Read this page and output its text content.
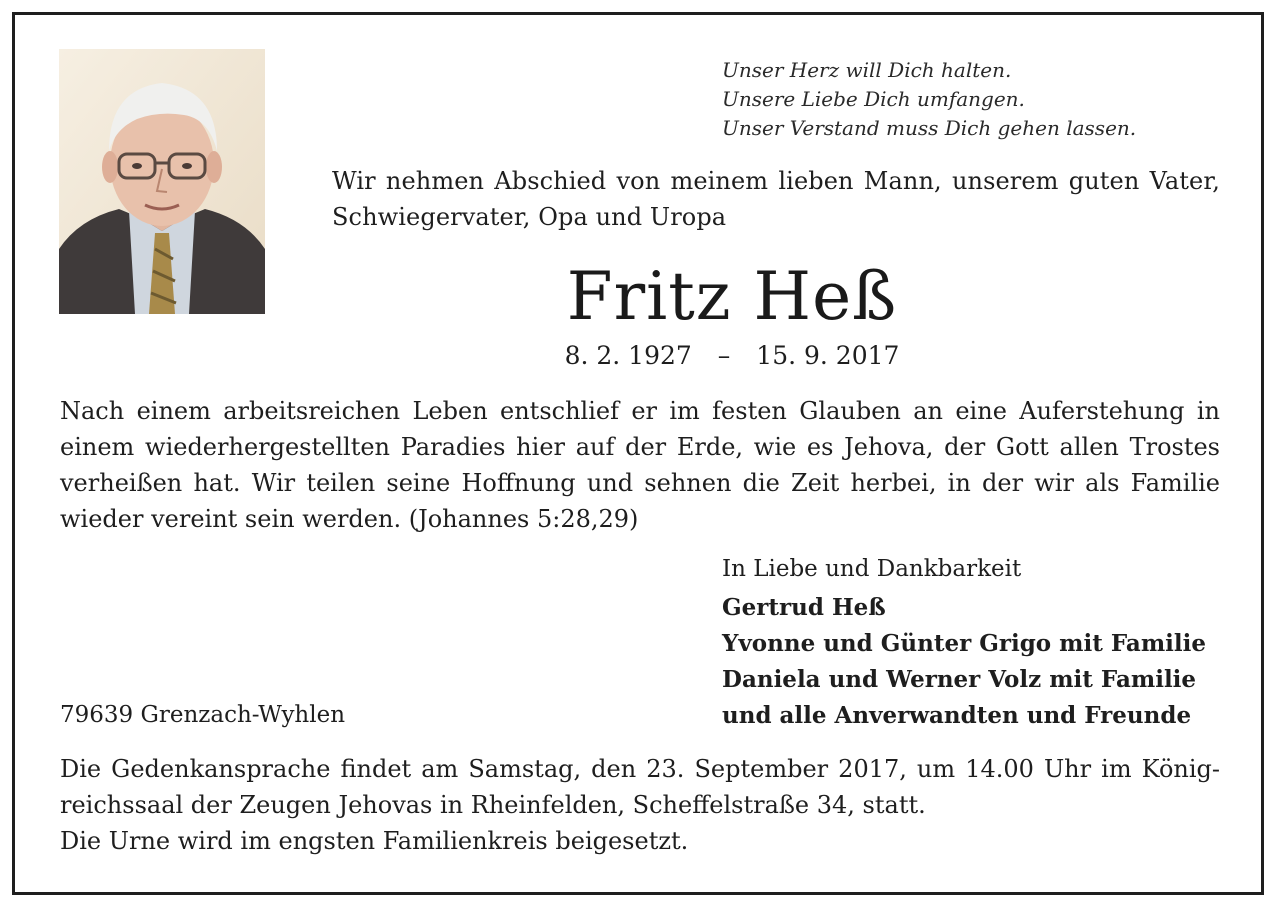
Unser Herz will Dich halten.
Unsere Liebe Dich umfangen.
Unser Verstand muss Dich gehen lassen.
Wir nehmen Abschied von meinem lieben Mann, unserem guten Vater,
Schwiegervater, Opa und Uropa
Fritz Heß
8. 2. 1927 – 15. 9. 2017
Nach einem arbeitsreichen Leben entschlief er im festen Glauben an eine Auferstehung in einem wiederhergestellten Paradies hier auf der Erde, wie es Jehova, der Gott allen Trostes verheißen hat. Wir teilen seine Hoffnung und sehnen die Zeit herbei, in der wir als Familie wieder vereint sein werden. (Johannes 5:28,29)
In Liebe und Dankbarkeit
Gertrud Heß
Yvonne und Günter Grigo mit Familie
Daniela und Werner Volz mit Familie
und alle Anverwandten und Freunde
79639 Grenzach-Wyhlen
Die Gedenkansprache findet am Samstag, den 23. September 2017, um 14.00 Uhr im König-
reichssaal der Zeugen Jehovas in Rheinfelden, Scheffelstraße 34, statt.
Die Urne wird im engsten Familienkreis beigesetzt.
